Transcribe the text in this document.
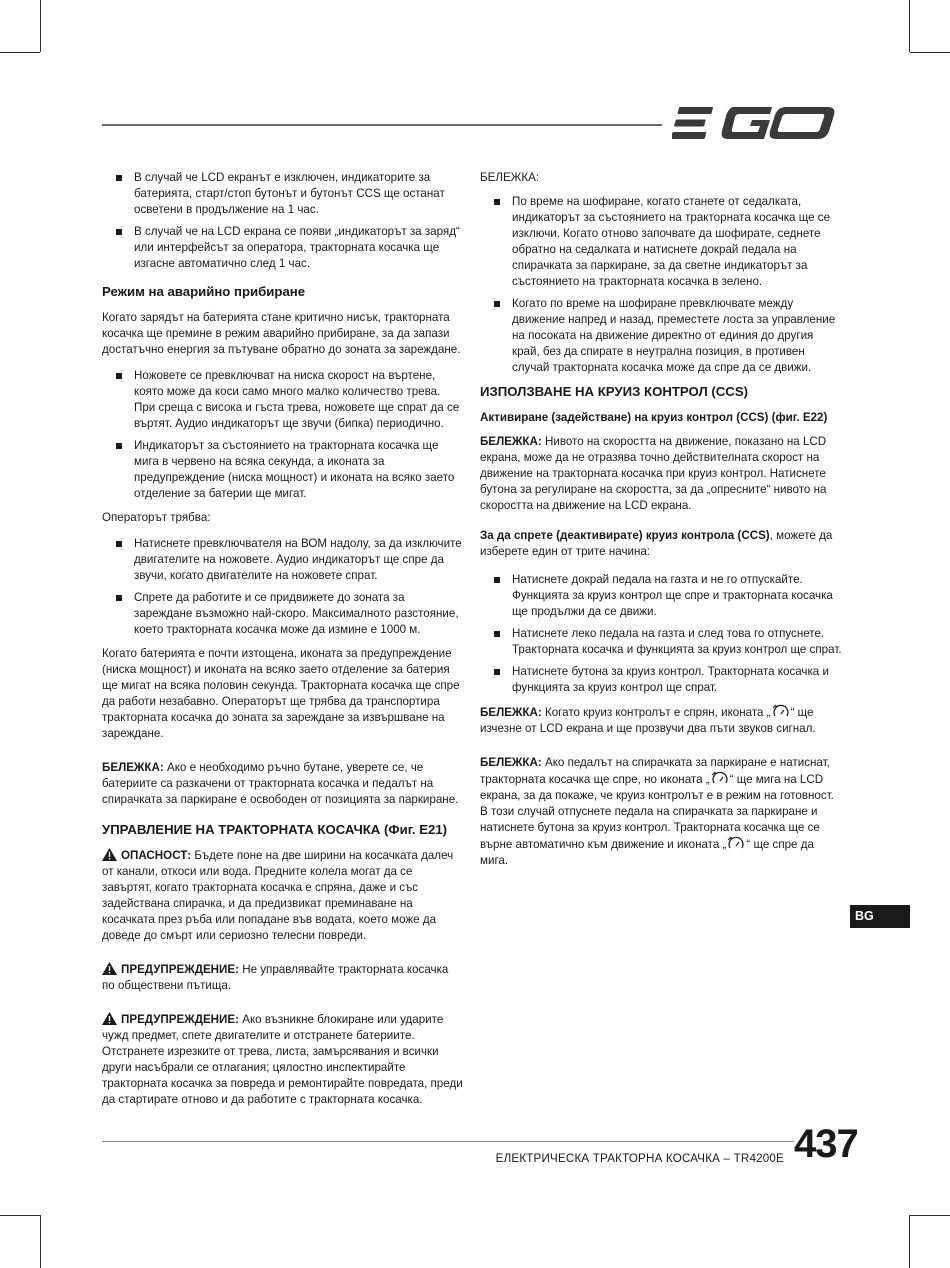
В случай че LCD екранът е изключен, индикаторите за батерията, старт/стоп бутонът и бутонът CCS ще останат осветени в продължение на 1 час.
В случай че на LCD екрана се появи „индикаторът за заряд“ или интерфейсът за оператора, тракторната косачка ще изгасне автоматично след 1 час.
Режим на аварийно прибиране

Когато зарядът на батерията стане критично нисък, тракторната косачка ще премине в режим аварийно прибиране, за да запази достатъчно енергия за пътуване обратно до зоната за зареждане.

Ножовете се превключват на ниска скорост на въртене, която може да коси само много малко количество трева. При среща с висока и гъста трева, ножовете ще спрат да се въртят. Аудио индикаторът ще звучи (бипка) периодично.
Индикаторът за състоянието на тракторната косачка ще мига в червено на всяка секунда, а иконата за предупреждение (ниска мощност) и иконата на всяко заето отделение за батерии ще мигат.

Операторът трябва:

Натиснете превключвателя на ВОМ надолу, за да изключите двигателите на ножовете. Аудио индикаторът ще спре да звучи, когато двигателите на ножовете спрат.
Спрете да работите и се придвижете до зоната за зареждане възможно най-скоро. Максималното разстояние, което тракторната косачка може да измине е 1000 м.

Когато батерията е почти изтощена, иконата за предупреждение (ниска мощност) и иконата на всяко заето отделение за батерия ще мигат на всяка половин секунда. Тракторната косачка ще спре да работи незабавно. Операторът ще трябва да транспортира тракторната косачка до зоната за зареждане за извършване на зареждане.

БЕЛЕЖКА: Ако е необходимо ръчно бутане, уверете се, че батериите са разкачени от тракторната косачка и педалът на спирачката за паркиране е освободен от позицията за паркиране.

УПРАВЛЕНИЕ НА ТРАКТОРНАТА КОСАЧКА (Фиг. E21)

ОПАСНОСТ: Бъдете поне на две ширини на косачката далеч от канали, откоси или вода. Предните колела могат да се завъртят, когато тракторната косачка е спряна, даже и със задействана спирачка, и да предизвикат преминаване на косачката през ръба или попадане във водата, което може да доведе до смърт или сериозно телесни повреди.

ПРЕДУПРЕЖДЕНИЕ: Не управлявайте тракторната косачка по обществени пътища.

ПРЕДУПРЕЖДЕНИЕ: Ако възникне блокиране или ударите чужд предмет, спете двигателите и отстранете батериите. Отстранете изрезките от трева, листа, замърсявания и всички други насъбрали се отлагания; цялостно инспектирайте тракторната косачка за повреда и ремонтирайте повредата, преди да стартирате отново и да работите с тракторната косачка.

БЕЛЕЖКА:

По време на шофиране, когато станете от седалката, индикаторът за състоянието на тракторната косачка ще се изключи. Когато отново започвате да шофирате, седнете обратно на седалката и натиснете докрай педала на спирачката за паркиране, за да светне индикаторът за състоянието на тракторната косачка в зелено.
Когато по време на шофиране превключвате между движение напред и назад, преместете лоста за управление на посоката на движение директно от единия до другия край, без да спирате в неутрална позиция, в противен случай тракторната косачка може да спре да се движи.
ИЗПОЛЗВАНЕ НА КРУИЗ КОНТРОЛ (CCS)
Активиране (задействане) на круиз контрол (CCS) (фиг. E22)

БЕЛЕЖКА: Нивото на скоростта на движение, показано на LCD екрана, може да не отразява точно действителната скорост на движение на тракторната косачка при круиз контрол. Натиснете бутона за регулиране на скоростта, за да „опресните“ нивото на скоростта на движение на LCD екрана.

За да спрете (деактивирате) круиз контрола (CCS), можете да изберете един от трите начина:

Натиснете докрай педала на газта и не го отпускайте. Функцията за круиз контрол ще спре и тракторната косачка ще продължи да се движи.
Натиснете леко педала на газта и след това го отпуснете. Тракторната косачка и функцията за круиз контрол ще спрат.
Натиснете бутона за круиз контрол. Тракторната косачка и функцията за круиз контрол ще спрат.

БЕЛЕЖКА: Когато круиз контролът е спрян, иконата „ “ ще изчезне от LCD екрана и ще прозвучи два пъти звуков сигнал.

БЕЛЕЖКА: Ако педалът на спирачката за паркиране е натиснат, тракторната косачка ще спре, но иконата „ “ ще мига на LCD екрана, за да покаже, че круиз контролът е в режим на готовност. В този случай отпуснете педала на спирачката за паркиране и натиснете бутона за круиз контрол. Тракторната косачка ще се върне автоматично към движение и иконата „ “ ще спре да мига.

BG
ЕЛЕКТРИЧЕСКА ТРАКТОРНА КОСАЧКА – TR4200E 437
